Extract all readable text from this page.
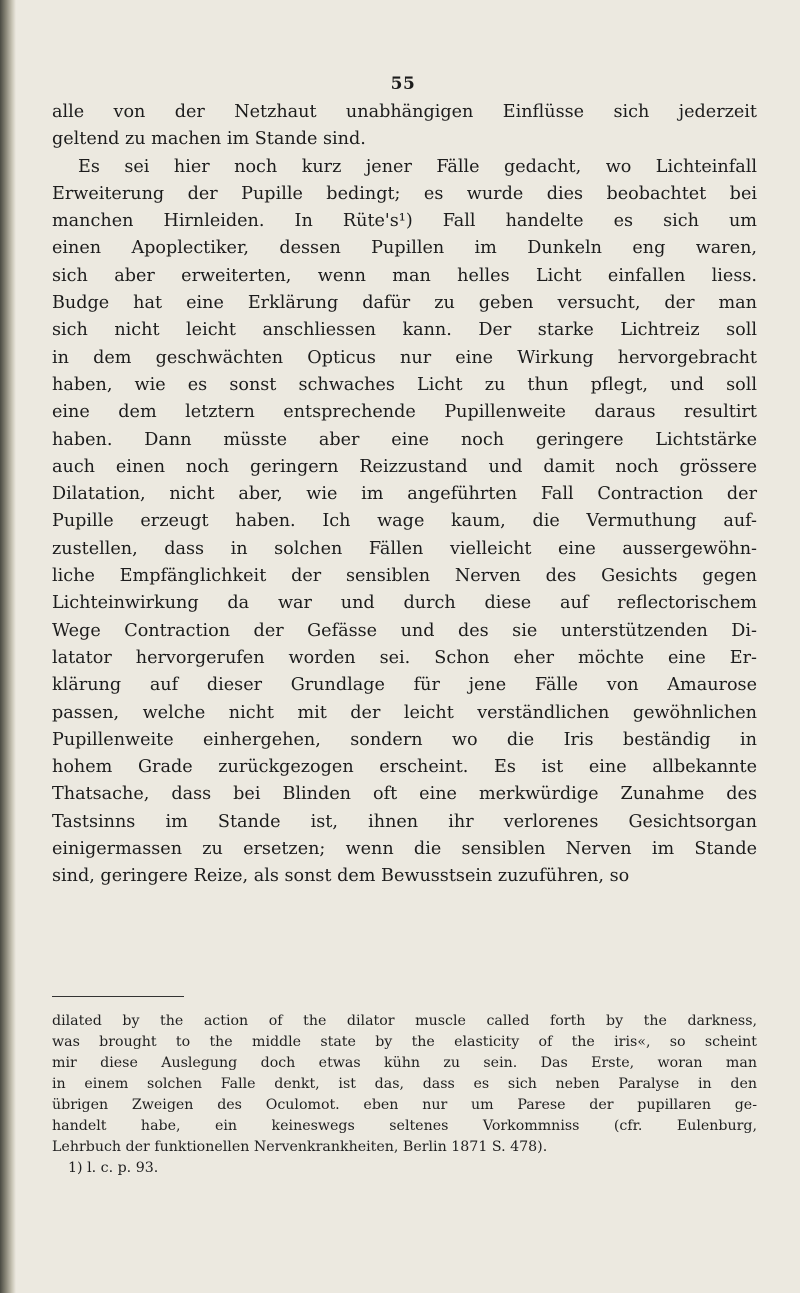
55
alle von der Netzhaut unabhängigen Einflüsse sich jederzeit
geltend zu machen im Stande sind.
Es sei hier noch kurz jener Fälle gedacht, wo Lichteinfall
Erweiterung der Pupille bedingt; es wurde dies beobachtet bei
manchen Hirnleiden. In Rüte's¹) Fall handelte es sich um
einen Apoplectiker, dessen Pupillen im Dunkeln eng waren,
sich aber erweiterten, wenn man helles Licht einfallen liess.
Budge hat eine Erklärung dafür zu geben versucht, der man
sich nicht leicht anschliessen kann. Der starke Lichtreiz soll
in dem geschwächten Opticus nur eine Wirkung hervorgebracht
haben, wie es sonst schwaches Licht zu thun pflegt, und soll
eine dem letztern entsprechende Pupillenweite daraus resultirt
haben. Dann müsste aber eine noch geringere Lichtstärke
auch einen noch geringern Reizzustand und damit noch grössere
Dilatation, nicht aber, wie im angeführten Fall Contraction der
Pupille erzeugt haben. Ich wage kaum, die Vermuthung auf-
zustellen, dass in solchen Fällen vielleicht eine aussergewöhn-
liche Empfänglichkeit der sensiblen Nerven des Gesichts gegen
Lichteinwirkung da war und durch diese auf reflectorischem
Wege Contraction der Gefässe und des sie unterstützenden Di-
latator hervorgerufen worden sei. Schon eher möchte eine Er-
klärung auf dieser Grundlage für jene Fälle von Amaurose
passen, welche nicht mit der leicht verständlichen gewöhnlichen
Pupillenweite einhergehen, sondern wo die Iris beständig in
hohem Grade zurückgezogen erscheint. Es ist eine allbekannte
Thatsache, dass bei Blinden oft eine merkwürdige Zunahme des
Tastsinns im Stande ist, ihnen ihr verlorenes Gesichtsorgan
einigermassen zu ersetzen; wenn die sensiblen Nerven im Stande
sind, geringere Reize, als sonst dem Bewusstsein zuzuführen, so
dilated by the action of the dilator muscle called forth by the darkness,
was brought to the middle state by the elasticity of the iris«, so scheint
mir diese Auslegung doch etwas kühn zu sein. Das Erste, woran man
in einem solchen Falle denkt, ist das, dass es sich neben Paralyse in den
übrigen Zweigen des Oculomot. eben nur um Parese der pupillaren ge-
handelt habe, ein keineswegs seltenes Vorkommniss (cfr. Eulenburg,
Lehrbuch der funktionellen Nervenkrankheiten, Berlin 1871 S. 478).
1) l. c. p. 93.
